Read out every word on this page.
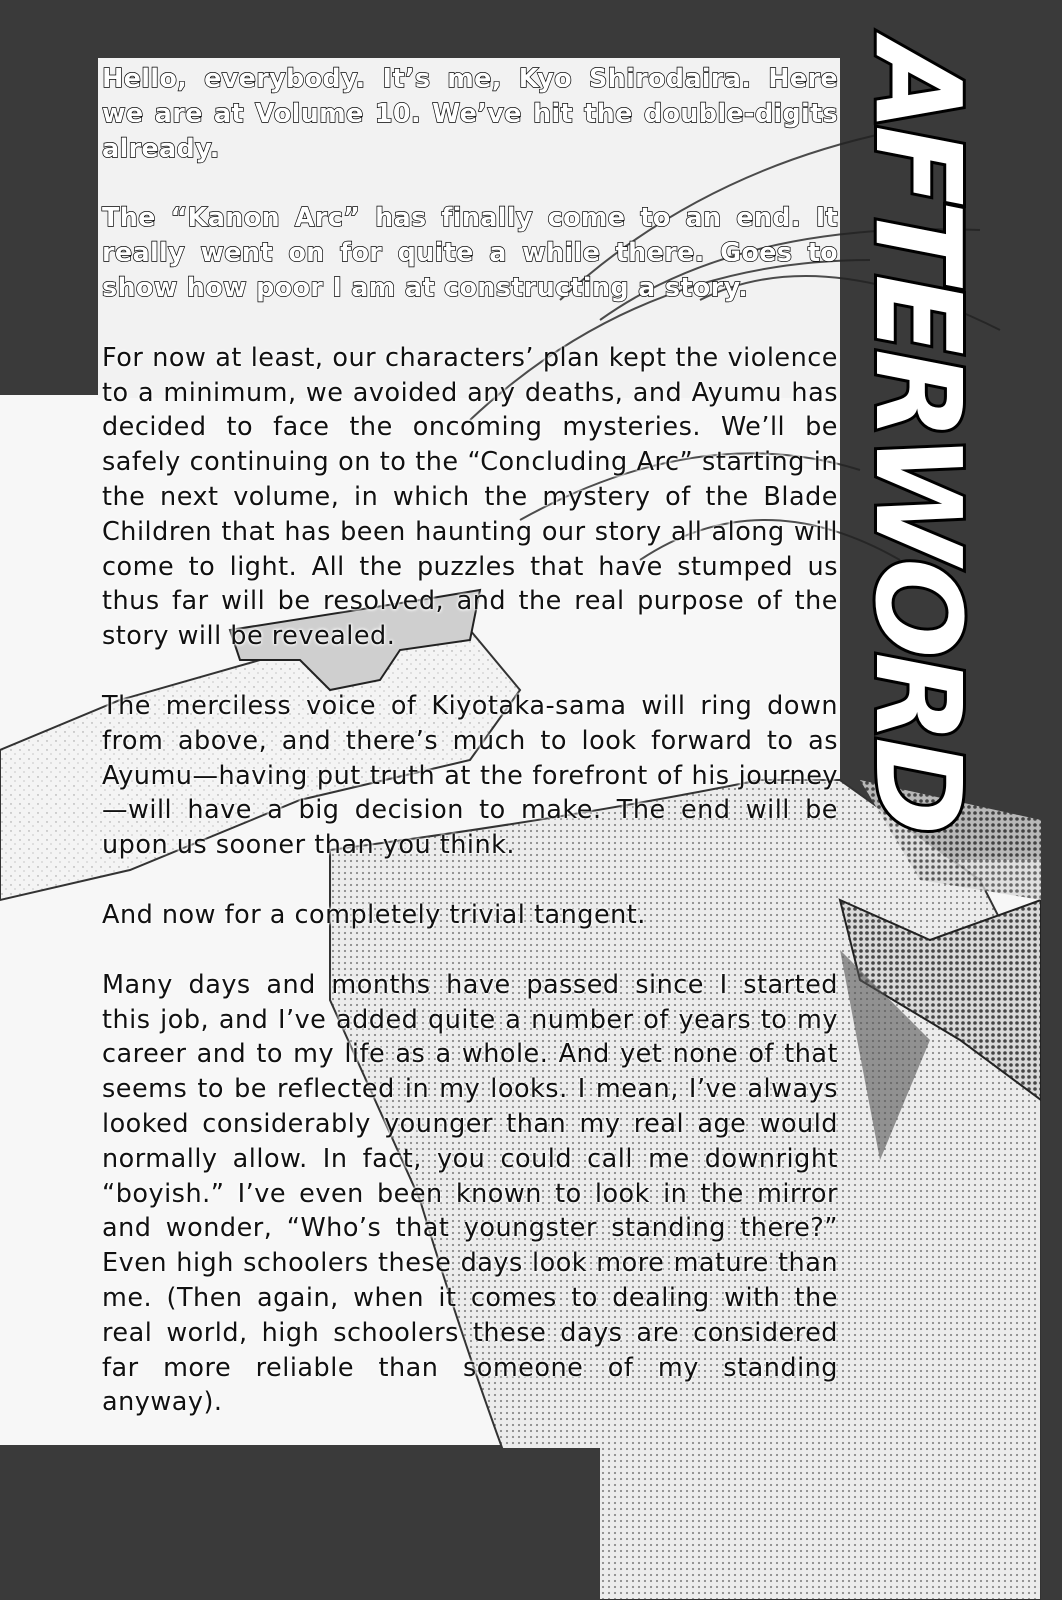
AFTERWORD

Hello, everybody. It’s me, Kyo Shirodaira. Here we are at Volume 10. We’ve hit the double-digits already.

The “Kanon Arc” has finally come to an end. It really went on for quite a while there. Goes to show how poor I am at constructing a story.

For now at least, our characters’ plan kept the violence to a minimum, we avoided any deaths, and Ayumu has decided to face the oncoming mysteries. We’ll be safely continuing on to the “Concluding Arc” starting in the next volume, in which the mystery of the Blade Children that has been haunting our story all along will come to light. All the puzzles that have stumped us thus far will be resolved, and the real purpose of the story will be revealed.

The merciless voice of Kiyotaka-sama will ring down from above, and there’s much to look forward to as Ayumu—having put truth at the forefront of his journey—will have a big decision to make. The end will be upon us sooner than you think.

And now for a completely trivial tangent.

Many days and months have passed since I started this job, and I’ve added quite a number of years to my career and to my life as a whole. And yet none of that seems to be reflected in my looks. I mean, I’ve always looked considerably younger than my real age would normally allow. In fact, you could call me downright “boyish.” I’ve even been known to look in the mirror and wonder, “Who’s that youngster standing there?” Even high schoolers these days look more mature than me. (Then again, when it comes to dealing with the real world, high schoolers these days are considered far more reliable than someone of my standing anyway).
